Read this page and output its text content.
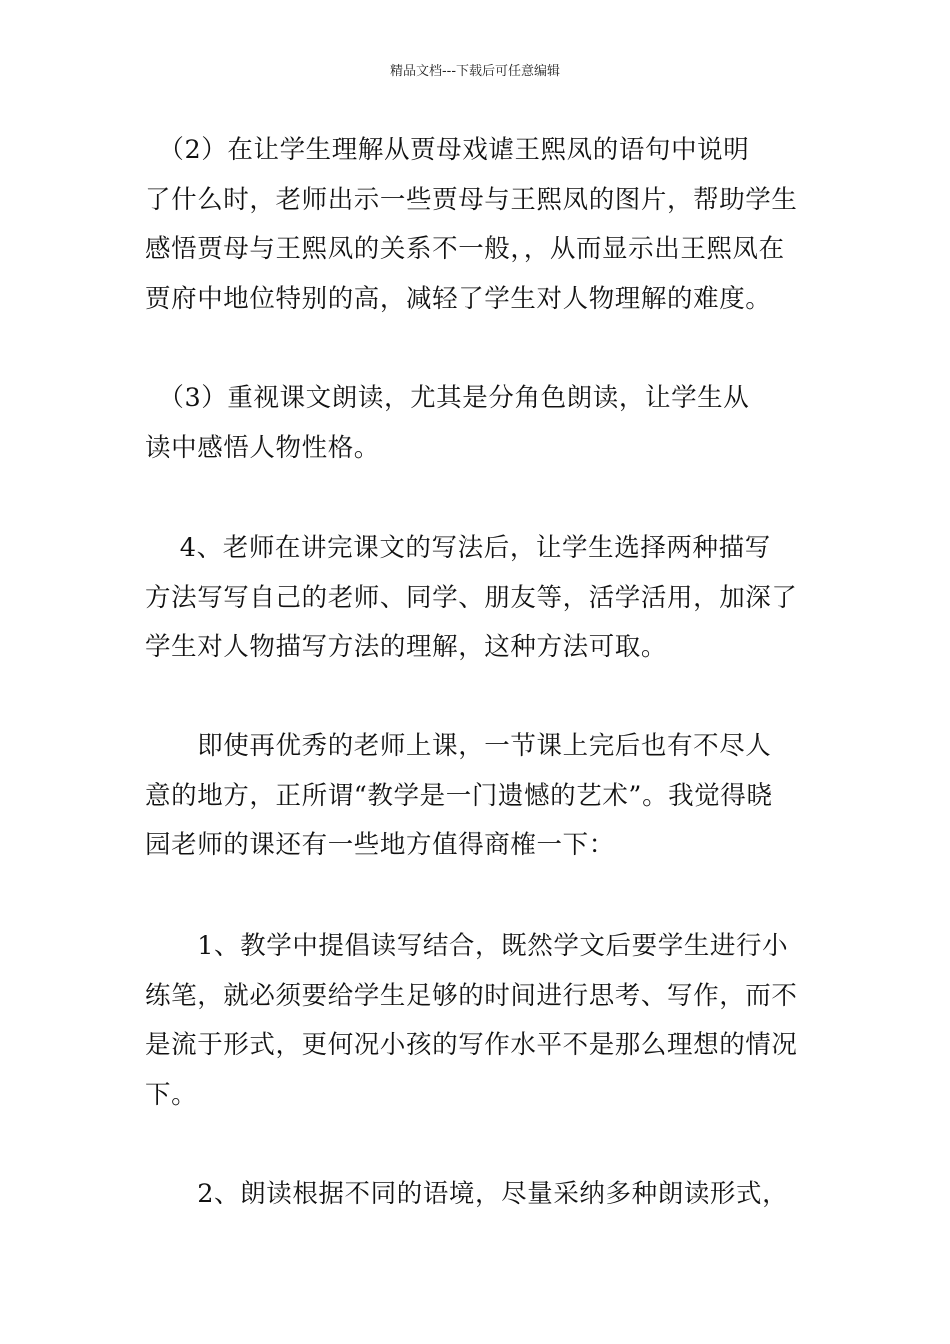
精品文档---下载后可任意编辑
　（2）在让学生理解从贾母戏谑王熙凤的语句中说明
了什么时，老师出示一些贾母与王熙凤的图片，帮助学生
感悟贾母与王熙凤的关系不一般，，从而显示出王熙凤在
贾府中地位特别的高，减轻了学生对人物理解的难度。
　（3）重视课文朗读，尤其是分角色朗读，让学生从
读中感悟人物性格。
　 4、老师在讲完课文的写法后，让学生选择两种描写
方法写写自己的老师、同学、朋友等，活学活用，加深了
学生对人物描写方法的理解，这种方法可取。
　　即使再优秀的老师上课，一节课上完后也有不尽人
意的地方，正所谓“教学是一门遗憾的艺术”。我觉得晓
园老师的课还有一些地方值得商榷一下：
　　1、教学中提倡读写结合，既然学文后要学生进行小
练笔，就必须要给学生足够的时间进行思考、写作，而不
是流于形式，更何况小孩的写作水平不是那么理想的情况
下。
　　2、朗读根据不同的语境，尽量采纳多种朗读形式，
